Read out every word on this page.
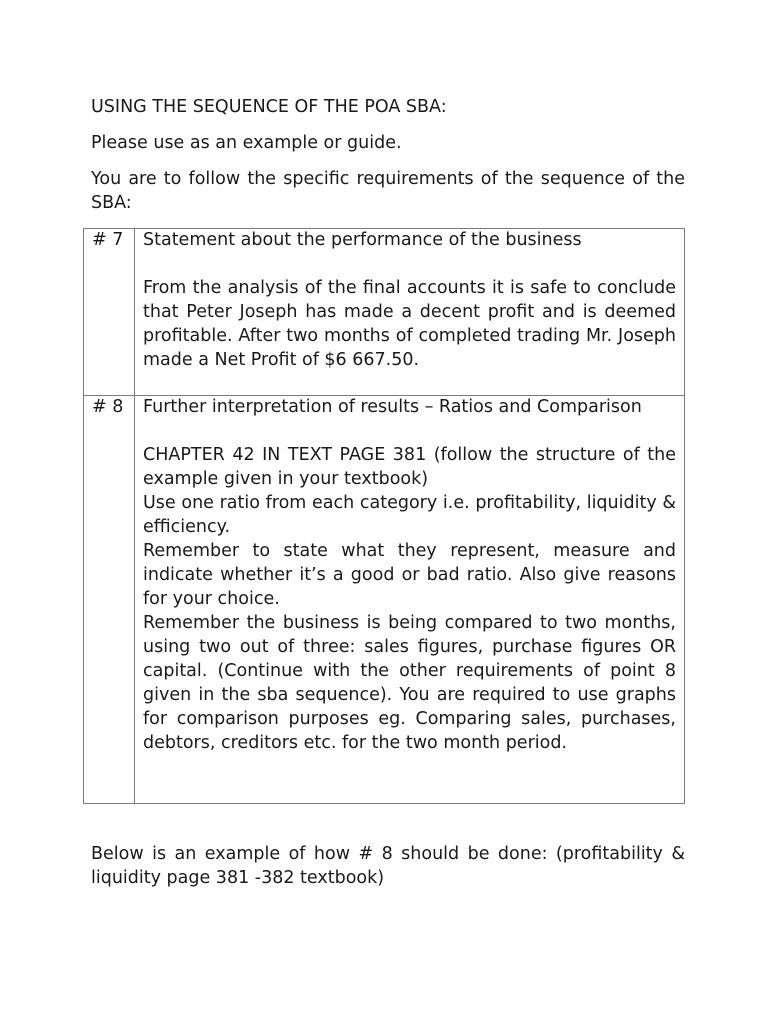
USING THE SEQUENCE OF THE POA SBA:

Please use as an example or guide.

You are to follow the specific requirements of the sequence of the SBA:

# 7	Statement about the performance of the business

From the analysis of the final accounts it is safe to conclude that Peter Joseph has made a decent profit and is deemed profitable. After two months of completed trading Mr. Joseph made a Net Profit of $6 667.50.

# 8	Further interpretation of results – Ratios and Comparison

CHAPTER 42 IN TEXT PAGE 381 (follow the structure of the example given in your textbook)

Use one ratio from each category i.e. profitability, liquidity & efficiency.

Remember to state what they represent, measure and indicate whether it’s a good or bad ratio. Also give reasons for your choice.

Remember the business is being compared to two months, using two out of three: sales figures, purchase figures OR capital. (Continue with the other requirements of point 8 given in the sba sequence). You are required to use graphs for comparison purposes eg. Comparing sales, purchases, debtors, creditors etc. for the two month period.

Below is an example of how # 8 should be done: (profitability & liquidity page 381 -382 textbook)
